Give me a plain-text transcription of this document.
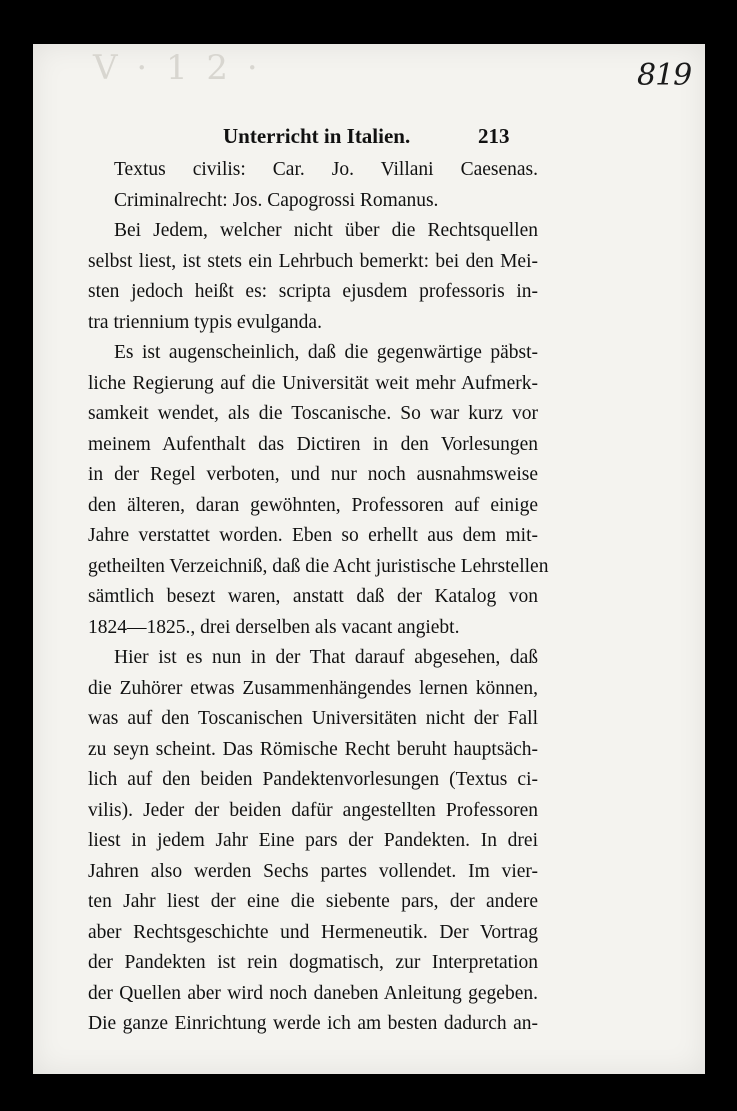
V · 1 2 ·	819
Unterricht in Italien.	213
Textus civilis: Car. Jo. Villani Caesenas.
Criminalrecht: Jos. Capogrossi Romanus.
Bei Jedem, welcher nicht über die Rechtsquellen
selbst liest, ist stets ein Lehrbuch bemerkt: bei den Mei-
sten jedoch heißt es: scripta ejusdem professoris in-
tra triennium typis evulganda.
Es ist augenscheinlich, daß die gegenwärtige päbst-
liche Regierung auf die Universität weit mehr Aufmerk-
samkeit wendet, als die Toscanische. So war kurz vor
meinem Aufenthalt das Dictiren in den Vorlesungen
in der Regel verboten, und nur noch ausnahmsweise
den älteren, daran gewöhnten, Professoren auf einige
Jahre verstattet worden. Eben so erhellt aus dem mit-
getheilten Verzeichniß, daß die Acht juristische Lehrstellen
sämtlich besezt waren, anstatt daß der Katalog von
1824—1825., drei derselben als vacant angiebt.
Hier ist es nun in der That darauf abgesehen, daß
die Zuhörer etwas Zusammenhängendes lernen können,
was auf den Toscanischen Universitäten nicht der Fall
zu seyn scheint. Das Römische Recht beruht hauptsäch-
lich auf den beiden Pandektenvorlesungen (Textus ci-
vilis). Jeder der beiden dafür angestellten Professoren
liest in jedem Jahr Eine pars der Pandekten. In drei
Jahren also werden Sechs partes vollendet. Im vier-
ten Jahr liest der eine die siebente pars, der andere
aber Rechtsgeschichte und Hermeneutik. Der Vortrag
der Pandekten ist rein dogmatisch, zur Interpretation
der Quellen aber wird noch daneben Anleitung gegeben.
Die ganze Einrichtung werde ich am besten dadurch an-
